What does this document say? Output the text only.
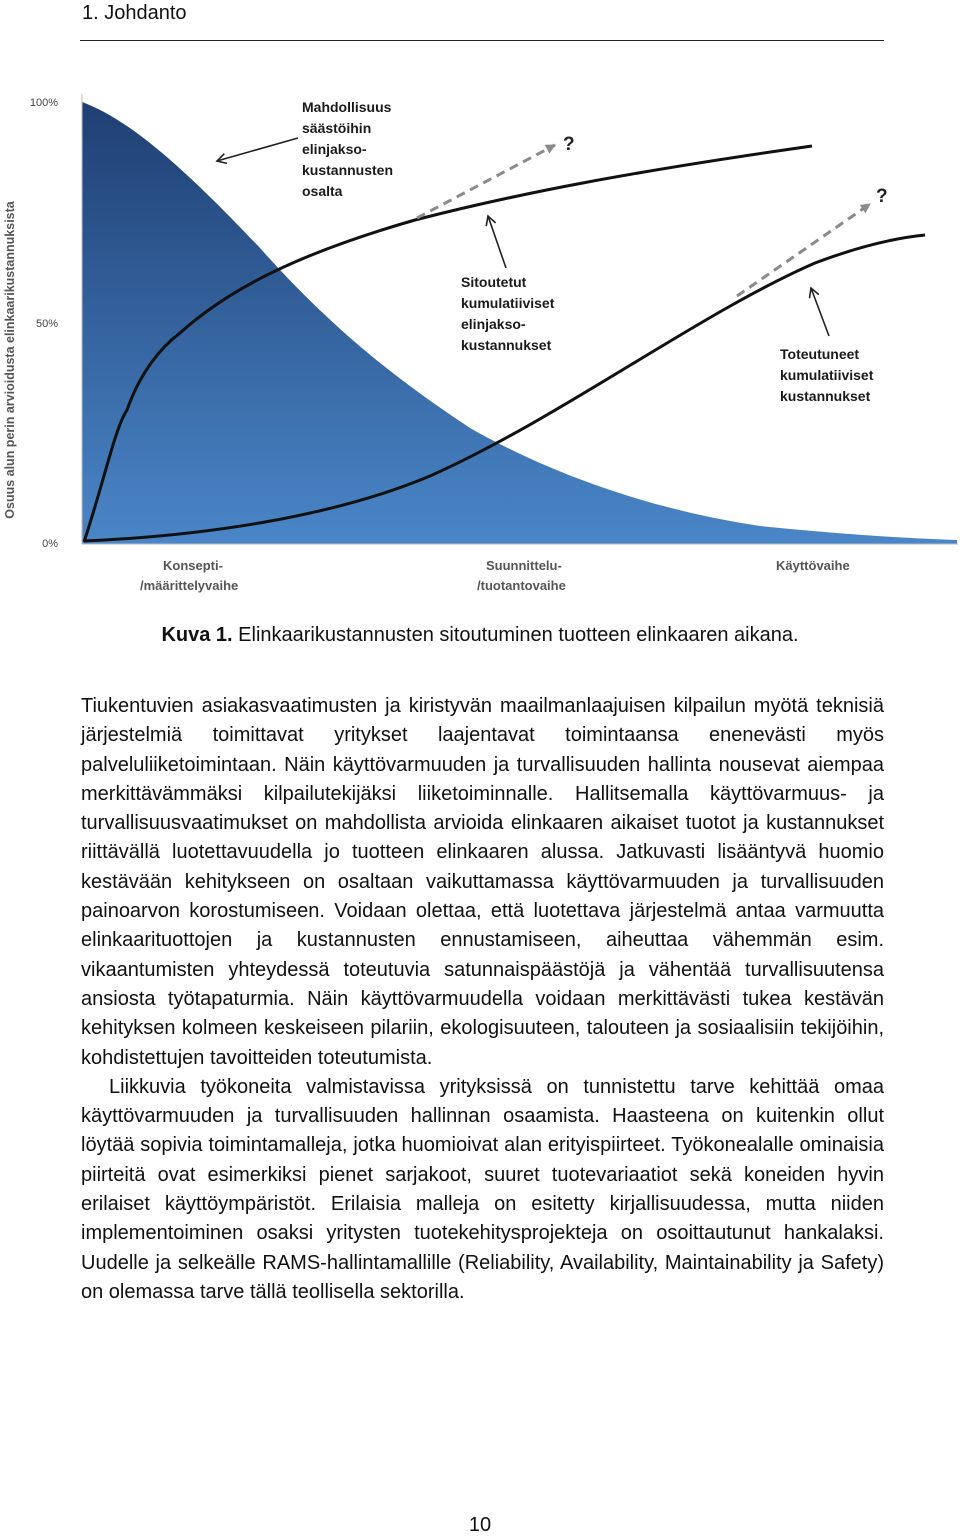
1. Johdanto
Osuus alun perin arvioidusta elinkaarikustannuksista
100%
50%
0%
?
?
Mahdollisuus säästöihin elinjakso- kustannusten osalta
Sitoutetut kumulatiiviset elinjakso- kustannukset
Toteutuneet kumulatiiviset kustannukset
Konsepti- /määrittelyvaihe
Suunnittelu- /tuotantovaihe
Käyttövaihe
Kuva 1. Elinkaarikustannusten sitoutuminen tuotteen elinkaaren aikana.

Tiukentuvien asiakasvaatimusten ja kiristyvän maailmanlaajuisen kilpailun myötä teknisiä järjestelmiä toimittavat yritykset laajentavat toimintaansa enenevästi myös palveluliiketoimintaan. Näin käyttövarmuuden ja turvallisuuden hallinta nousevat aiempaa merkittävämmäksi kilpailutekijäksi liiketoiminnalle. Hallitsemalla käyttövarmuus- ja turvallisuusvaatimukset on mahdollista arvioida elinkaaren aikaiset tuotot ja kustannukset riittävällä luotettavuudella jo tuotteen elinkaaren alussa. Jatkuvasti lisääntyvä huomio kestävään kehitykseen on osaltaan vaikuttamassa käyttövarmuuden ja turvallisuuden painoarvon korostumiseen. Voidaan olettaa, että luotettava järjestelmä antaa varmuutta elinkaarituottojen ja kustannusten ennustamiseen, aiheuttaa vähemmän esim. vikaantumisten yhteydessä toteutuvia satunnaispäästöjä ja vähentää turvallisuutensa ansiosta työtapaturmia. Näin käyttövarmuudella voidaan merkittävästi tukea kestävän kehityksen kolmeen keskeiseen pilariin, ekologisuuteen, talouteen ja sosiaalisiin tekijöihin, kohdistettujen tavoitteiden toteutumista.

Liikkuvia työkoneita valmistavissa yrityksissä on tunnistettu tarve kehittää omaa käyttövarmuuden ja turvallisuuden hallinnan osaamista. Haasteena on kuitenkin ollut löytää sopivia toimintamalleja, jotka huomioivat alan erityispiirteet. Työkonealalle ominaisia piirteitä ovat esimerkiksi pienet sarjakoot, suuret tuotevariaatiot sekä koneiden hyvin erilaiset käyttöympäristöt. Erilaisia malleja on esitetty kirjallisuudessa, mutta niiden implementoiminen osaksi yritysten tuotekehitysprojekteja on osoittautunut hankalaksi. Uudelle ja selkeälle RAMS-hallintamallille (Reliability, Availability, Maintainability ja Safety) on olemassa tarve tällä teollisella sektorilla.

10
